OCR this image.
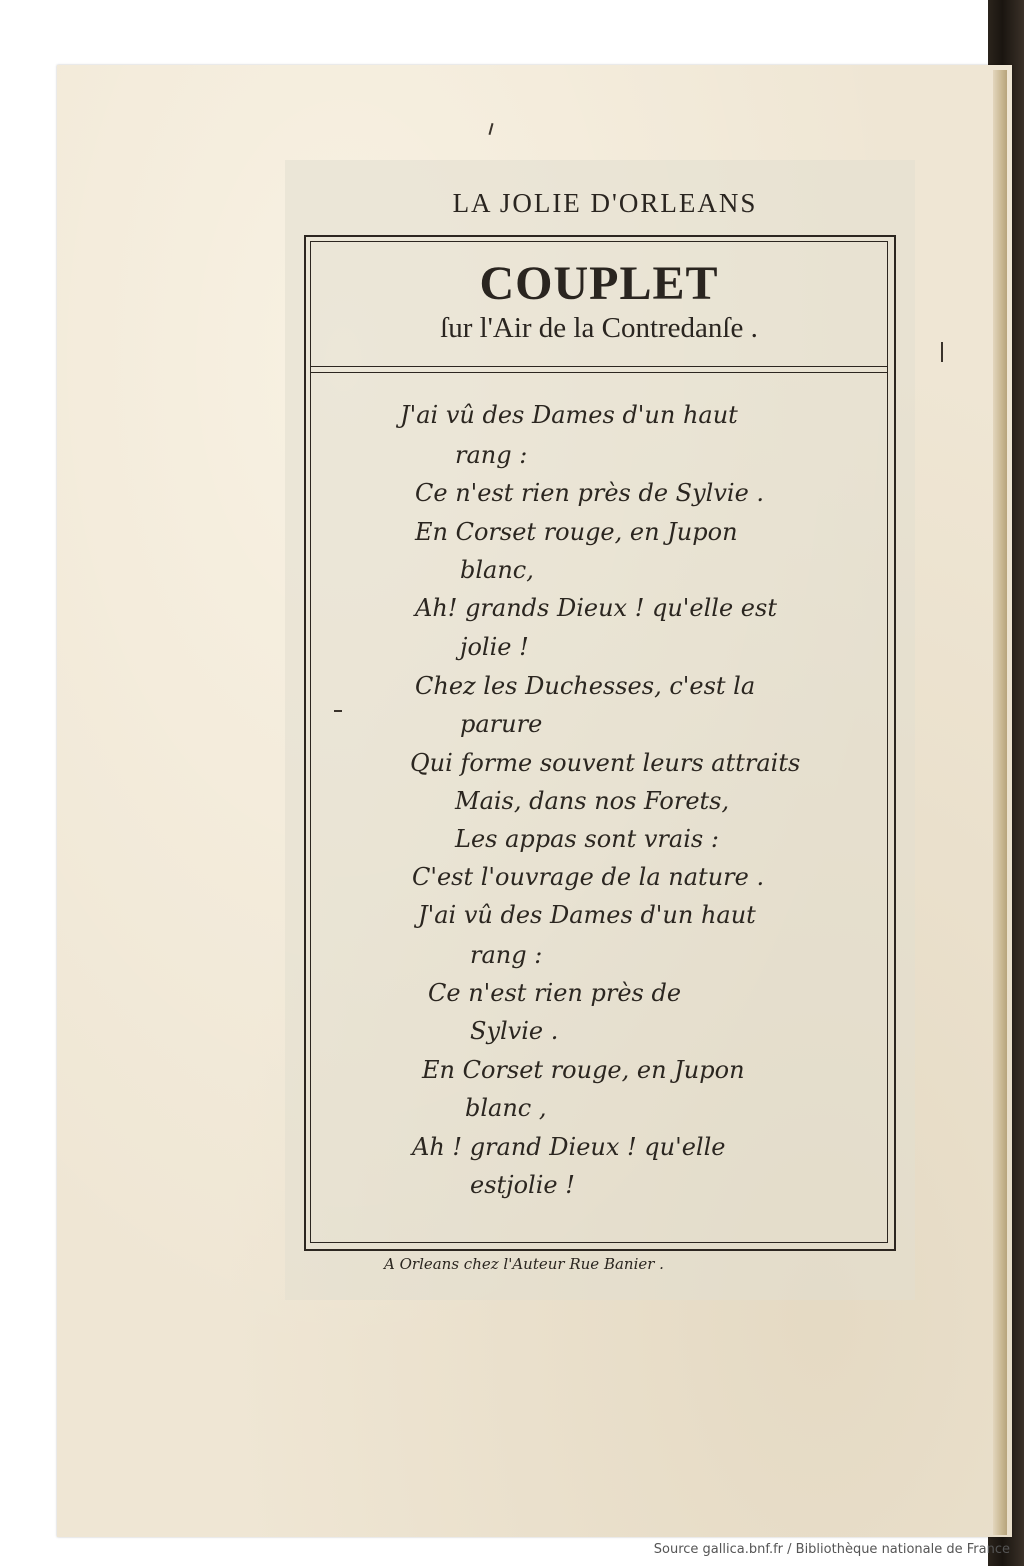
LA JOLIE D'ORLEANS
COUPLET
ſur l'Air de la Contredanſe .
J'ai vû des Dames d'un haut
rang :
Ce n'est rien près de Sylvie .
En Corset rouge, en Jupon
blanc,
Ah! grands Dieux ! qu'elle est
jolie !
Chez les Duchesses, c'est la
parure
Qui forme souvent leurs attraits
Mais, dans nos Forets,
Les appas sont vrais :
C'est l'ouvrage de la nature .
J'ai vû des Dames d'un haut
rang :
Ce n'est rien près de
Sylvie .
En Corset rouge, en Jupon
blanc ,
Ah ! grand Dieux ! qu'elle
estjolie !
A Orleans chez l'Auteur Rue Banier .
Source gallica.bnf.fr / Bibliothèque nationale de France
